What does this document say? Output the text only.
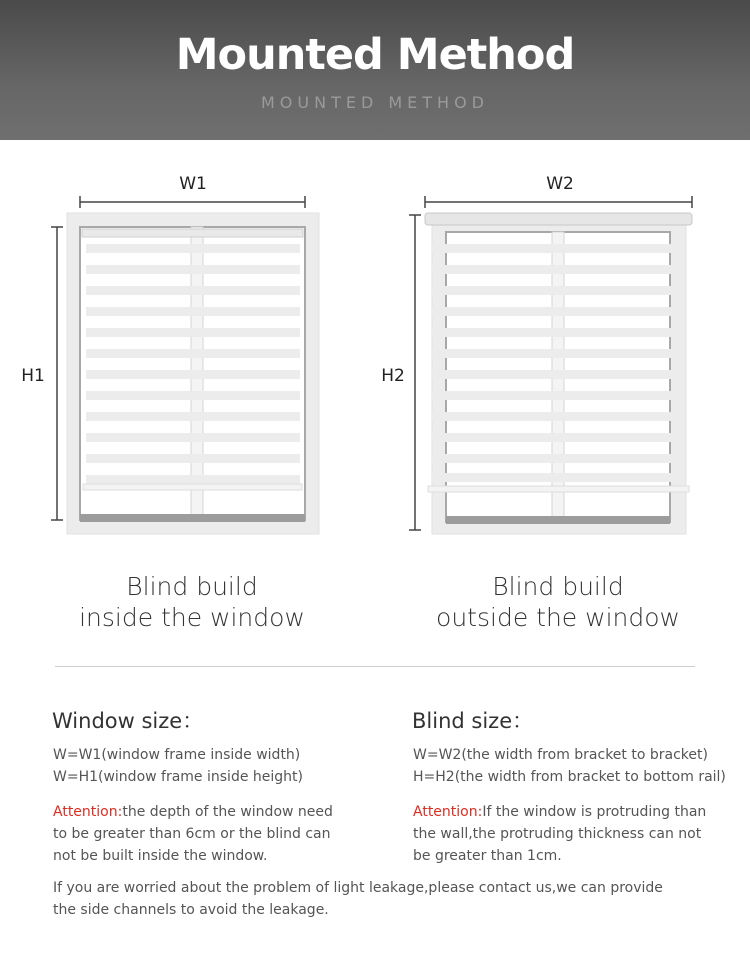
Mounted Method
MOUNTED METHOD
W1
H1
W2
H2
Blind build
inside the window
Blind build
outside the window
Window size：	Blind size：
W=W1(window frame inside width)
W=H1(window frame inside height)
W=W2(the width from bracket to bracket)
H=H2(the width from bracket to bottom rail)
Attention:the depth of the window need
to be greater than 6cm or the blind can
not be built inside the window.
Attention:If the window is protruding than
the wall,the protruding thickness can not
be greater than 1cm.
If you are worried about the problem of light leakage,please contact us,we can provide
the side channels to avoid the leakage.
